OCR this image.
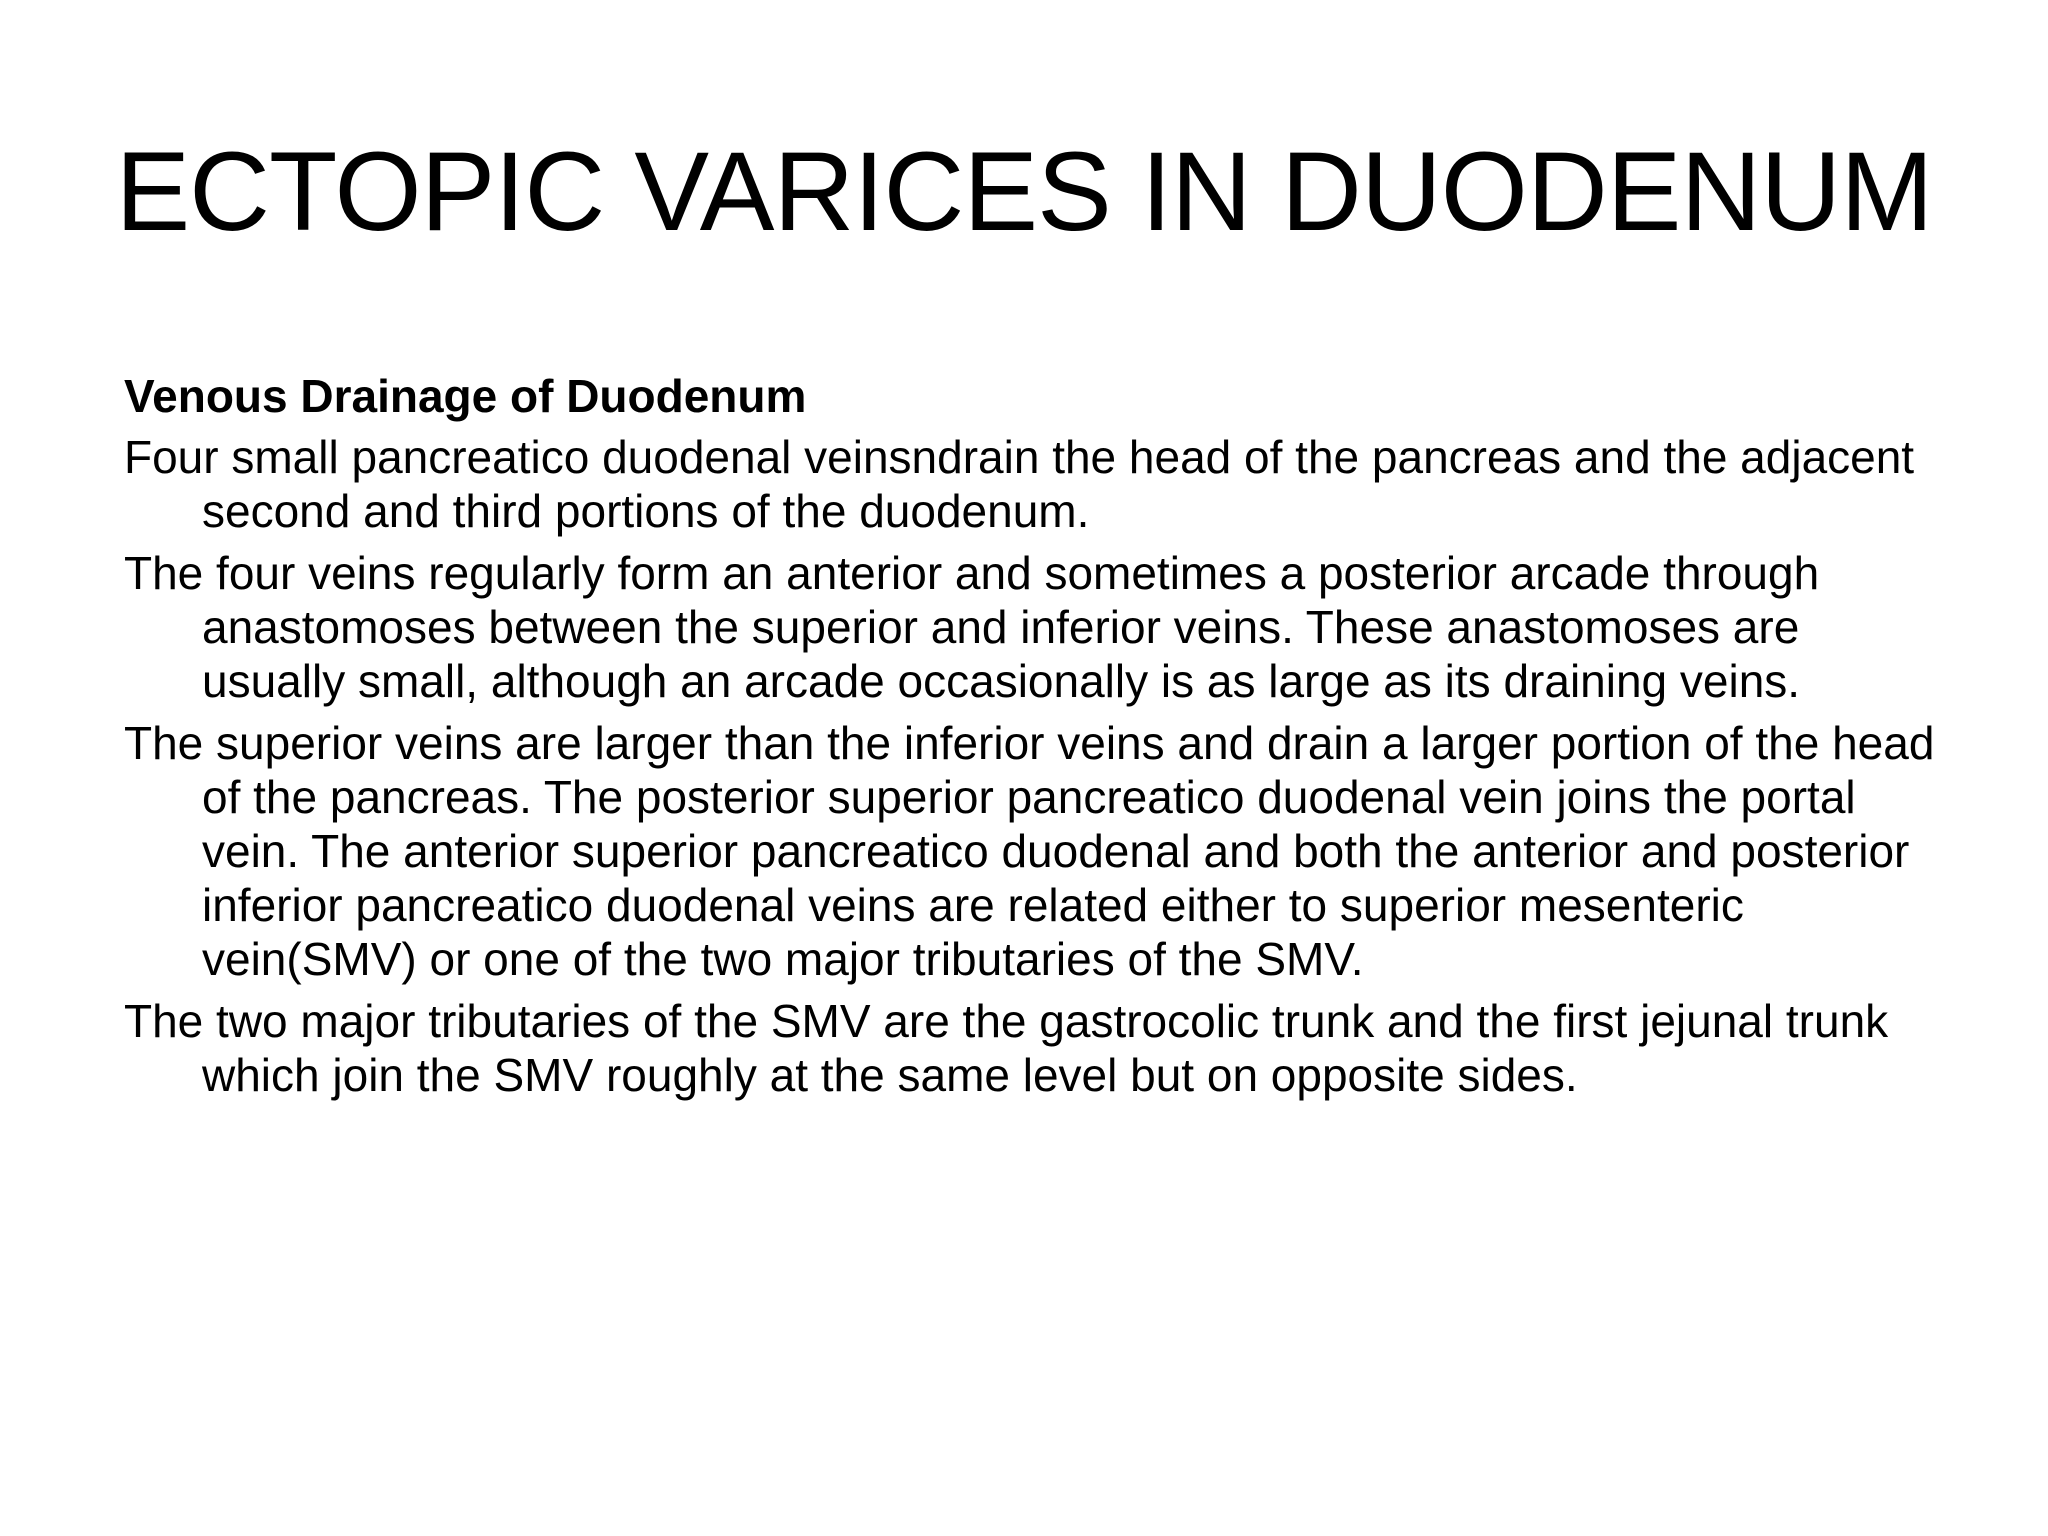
ECTOPIC VARICES IN DUODENUM
Venous Drainage of Duodenum

Four small pancreatico duodenal veinsndrain the head of the pancreas and the adjacent second and third portions of the duodenum.

The four veins regularly form an anterior and sometimes a posterior arcade through anastomoses between the superior and inferior veins. These anastomoses are usually small, although an arcade occasionally is as large as its draining veins.

The superior veins are larger than the inferior veins and drain a larger portion of the head of the pancreas. The posterior superior pancreatico duodenal vein joins the portal vein. The anterior superior pancreatico duodenal and both the anterior and posterior inferior pancreatico duodenal veins are related either to superior mesenteric vein(SMV) or one of the two major tributaries of the SMV.

The two major tributaries of the SMV are the gastrocolic trunk and the first jejunal trunk which join the SMV roughly at the same level but on opposite sides.
